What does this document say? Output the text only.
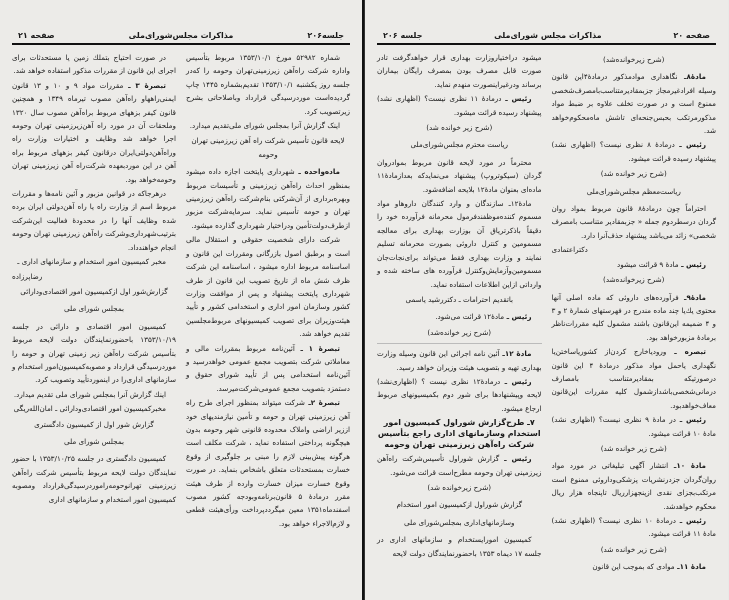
جلسه۲۰۶
مذاکرات مجلس‌شورای‌ملی
صفحه ۲۱

شماره ۵۲۹۸۲ مورخ ۱۳۵۳/۱۰/۱ مربوط بتأسیس واداره شرکت راه‌آهن زیرزمینی‌تهران وحومه را که‌در جلسه روز یکشنبه ۱۳۵۳/۱۰/۱ تقدیم‌بشماره ۱۴۴۵ چاپ گردیده‌است موردرسیدگی قرارداد وباصلاحاتی بشرح زیرتصویب کرد.

اینک گزارش آنرا بمجلس شورای ملی‌تقدیم میدارد.

لایحه قانون تأسیس شرکت راه آهن زیرزمینی تهران وحومه

ماده‌واحده ـ شهرداری پایتخت اجازه داده میشود بمنظور احداث راه‌آهن زیرزمینی و تأسیسات مربوط وبهره‌برداری از آن‌شرکتی بنام‌شرکت راه‌آهن زیرزمینی تهران و حومه تأسیس نماید. سرمایه‌شرکت مزبور ازطرف‌دولت‌تأمین ودراختیار شهرداری گذارده میشود.

شرکت دارای شخصیت حقوقی و استقلال مالی است و برطبق اصول بازرگانی ومقررات این قانون و اساسنامه مربوط اداره میشود ، اساسنامه این شرکت ظرف شش ماه از تاریخ تصویب این قانون از طرف شهرداری پایتخت پیشنهاد و پس از موافقت وزارت کشور وسازمان امور اداری و استخدامی کشور و تأیید هیئت‌وزیران برای تصویب کمیسیونهای مربوط‌مجلسین تقدیم خواهد شد.

تبصرهٔ ۱ ـ آئین‌نامه مربوط بمقررات مالی و معاملاتی شرکت بتصویب مجمع عمومی خواهدرسید و آئین‌نامه استخدامی پس از تأیید شورای حقوق و دستمزد بتصویب مجمع عمومی‌شرکت‌میرسد.

تبصرهٔ ۲ـ شرکت میتواند بمنظور اجرای طرح راه آهن زیرزمینی تهران و حومه و تأمین نیازمندیهای خود اززیر اراضی واملاک محدوده قانونی شهر وحومه بدون هیچگونه پرداختی استفاده نماید ، شرکت مکلف است هرگونه پیش‌بینی لازم را مبنی بر جلوگیری از وقوع خسارت بمستحدثات متعلق باشخاص بنماید. در صورت وقوع خسارت میزان خسارت وارده از طرف هیئت مقرر درمادهٔ ۵ قانون‌برنامه‌وبودجه کشور مصوب اسفندماه۱۳۵۱ معین میگرددپرداخت ورأی‌هیئت قطعی و لازم‌الاجراء خواهد بود.

در صورت احتیاج بتملك زمین یا مستحدثات برای اجرای این قانون از مقررات مذکور استفاده خواهد شد.

تبصرهٔ ۳ ـ مقررات مواد ۹ و ۱۰ و ۱۳ قانون ایمنی‌راههاو راه‌آهن مصوب تیرماه ۱۳۴۹ و همچنین قانون کیفر بزههای مربوط براه‌آهن مصوب سال ۱۳۲۰ وملحقات آن در مورد راه آهن‌زیرزمینی تهران وحومه اجرا خواهد شد وظایف و اختیارات وزارت راه وراه‌آهن‌دولتی‌ایران درقانون کیفر بزههای مربوط براه آهن در این موردبعهده شرکت‌راه آهن زیرزمینی تهران وحومه‌خواهد بود.

درهرجاکه در قوانین مزبور و آئین نامه‌ها و مقررات مربوط اسم از وزارت راه یا راه آهن‌دولتی ایران برده شده وظایف آنها را در محدودهٔ فعالیت این‌شرکت بترتیب‌شهرداری‌وشرکت راه‌آهن زیرزمینی تهران وحومه انجام خواهندداد.

مخبر کمیسیون امور استخدام و سازمانهای اداری ـ

رضاپرزاده

گزارش‌شور اول ازکمیسیون امور اقتصادی‌ودارائی

بمجلس شورای ملی

کمیسیون امور اقتصادی و دارائی در جلسه ۱۳۵۳/۱۰/۱۹ باحضورنمایندگان دولت لایحه مربوط بتأسیس شرکت راه‌آهن زیر زمینی تهران و حومه را موردرسیدگی قرارداد و مصوبه‌کمیسیون‌امور استخدام و سازمانهای اداری‌را در اینموردتأیید وتصویب کرد.

اینك گزارش آنرا بمجلس شورای ملی تقدیم میدارد.

مخبرکمیسیون امور اقتصادی‌ودارائی ـ امان‌الله‌ریگی

گزارش شور اول از کمیسیون دادگستری

بمجلس شورای ملی

کمیسیون دادگستری در جلسه ۱۳۵۳/۱۰/۲۵ با حضور نمایندگان دولت لایحه مربوط بتأسیس شرکت راه‌آهن زیرزمینی تهرانوحومه‌راموردرسیدگی‌قرارداد ومصوبه کمیسیون امور استخدام و سازمانهای اداری

صفحه ۲۰
مذاکرات مجلس شورای‌ملی
جلسه ۲۰۶

(شرح زیرخوانده‌شد)

مادهٔ۸ـ نگاهداری موادمذکور درمادهٔ۴این قانون وسیله افرادغیرمجاز جزبمقادیرمتناسب‌بامصرف‌شخصی ممنوع است و در صورت تخلف علاوه بر ضبط مواد مذکور‌مرتکب بحبس‌جنحه‌ای تاشش ماه‌محکوم‌خواهد شد.

رئیس ـ درمادهٔ ۸ نظری نیست؟ (اظهاری نشد) پیشنهاد رسیده قرائت میشود.

(شرح زیر خوانده شد)

ریاست‌معظم مجلس‌شورای‌ملی

احتراماً چون درمادهٔ۸ قانون مربوط بمواد روان گردان درسطردوم جمله « جزبمقادیر متناسب بامصرف شخصی» زائد می‌باشد پیشنهاد حذف‌آنرا دارد.

دکتراعتمادی

رئیس ـ مادهٔ ۹ قرائت میشود

(شرح زیرخوانده‌شد)

مادهٔ۹ـ فرآورده‌های داروئی که ماده اصلی آنها محتوی یك‌یا چند ماده مندرج در فهرستهای شمارهٔ ۲ و ۳ و ۴ ضمیمه این‌قانون باشند مشمول کلیه مقررات‌ناظر برمادهٔ مزبورخواهد بود.

تبصره ـ ورودیاخارج کردن‌از کشور‌یاساختن‌یا نگهداری یاحمل مواد مذکور درمادهٔ ۴ این قانون درصورتیکه بمقادیرمتناسب بامصارف درمانی‌شخصی‌باشدازشمول کلیه مقررات این‌قانون معاف‌خواهدبود.

رئیس ـ در مادهٔ ۹ نظری نیست؟ (اظهاری نشد) مادهٔ ۱۰ قرائت میشود.

(شرح زیر خوانده شد)

مادهٔ ۱۰ـ انتشار آگهی تبلیغاتی در مورد مواد روان‌گردان جزدرنشریات پزشکی‌وداروئی ممنوع است مرتکب‌بجزای نقدی ازپنجهزار‌ریال تاپنجاه هزار ریال محکوم خواهدشد.

رئیس ـ درمادهٔ ۱۰ نظری نیست؟ (اظهاری نشد) مادهٔ ۱۱ قرائت میشود.

(شرح زیر خوانده شد)

مادهٔ ۱۱ـ موادی که بموجب این قانون

میشود دراختیاروزارت بهداری قرار خواهدگرفت تادر صورت قابل مصرف بودن بمصرف رایگان بیماران برساند ودرغیراینصورت منهدم نماید.

رئیس ـ درمادهٔ ۱۱ نظری نیست؟ (اظهاری نشد) پیشنهاد رسیده قرائت میشود.

(شرح زیر خوانده شد)

ریاست محترم مجلس‌شورای‌ملی

محترماً در مورد لایحه قانون مربوط بموادروان گردان (سیکوتروپ) پیشنهاد می‌نمایدکه بعدازمادهٔ۱۱ ماده‌ای بعنوان مادهٔ۱۲ بلایحه اضافه‌شود.

مادهٔ۱۲ـ سازندگان و وارد کنندگان داروهاو مواد مسموم کننده‌موظفندفرمول محرمانه فرآورده خود را دقیقاً باذکرتریاق آن بوزارت بهداری برای معالجه مسمومین و کنترل داروئی بصورت محرمانه تسلیم نمایند و وزارت بهداری فقط می‌تواند برای‌نجات‌جان مسمومین‌وآزمایش‌وکنترل فرآورده های ساخته شده و وارداتی ازاین اطلاعات استفاده نماید.

باتقدیم احترامات ـ دکتررشید یاسمی

رئیس ـ مادهٔ۱۲ قرائت می‌شود.

(شرح زیر خوانده‌شد)

مادهٔ ۱۲ـ آئین نامه اجرائی این قانون وسیله وزارت بهداری تهیه و بتصویب هیئت وزیران خواهد رسید.

رئیس ـ درمادهٔ۱۲ نظری نیست ؟ (اظهاری‌نشد) لایحه وپیشنهادها برای شور دوم بکمیسیونهای مربوط ارجاع میشود.

۷ـ طرح‌گزارش شوراول کمیسیون امور استخدام وسازمانهای اداری راجع بتأسیس شرکت راه‌آهن زیرزمینی تهران وحومه

رئیس ـ گزارش شوراول تأسیس‌شرکت راه‌آهن زیرزمینی تهران وحومه مطرح‌است قرائت می‌شود.

(شرح زیرخوانده شد)

گزارش شوراول ازکمیسیون امور استخدام

وسازمانهای‌اداری بمجلس‌شورای ملی

کمیسیون امورایستخدام و سازمانهای اداری در جلسه ۱۷ دیماه ۱۳۵۳ باحضورنمایندگان دولت لایحه
